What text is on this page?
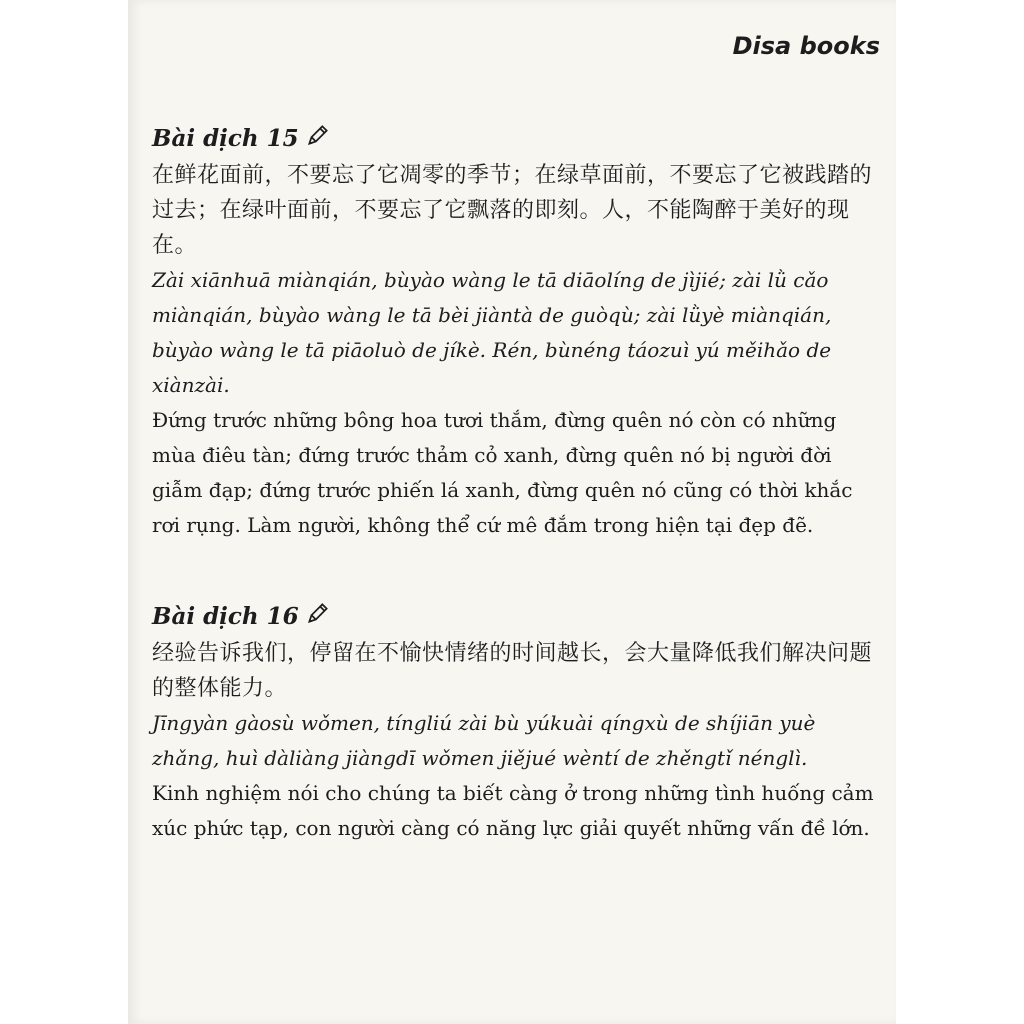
Disa books
Bài dịch 15
在鲜花面前，不要忘了它凋零的季节；在绿草面前，不要忘了它被践踏的过去；在绿叶面前，不要忘了它飘落的即刻。人，不能陶醉于美好的现在。
Zài xiānhuā miànqián, bùyào wàng le tā diāolíng de jìjié; zài lǜ cǎo miànqián, bùyào wàng le tā bèi jiàntà de guòqù; zài lǜyè miànqián, bùyào wàng le tā piāoluò de jíkè. Rén, bùnéng táozuì yú měihǎo de xiànzài.
Đứng trước những bông hoa tươi thắm, đừng quên nó còn có những mùa điêu tàn; đứng trước thảm cỏ xanh, đừng quên nó bị người đời giẫm đạp; đứng trước phiến lá xanh, đừng quên nó cũng có thời khắc rơi rụng. Làm người, không thể cứ mê đắm trong hiện tại đẹp đẽ.
Bài dịch 16
经验告诉我们，停留在不愉快情绪的时间越长，会大量降低我们解决问题的整体能力。
Jīngyàn gàosù wǒmen, tíngliú zài bù yúkuài qíngxù de shíjiān yuè zhǎng, huì dàliàng jiàngdī wǒmen jiějué wèntí de zhěngtǐ nénglì.
Kinh nghiệm nói cho chúng ta biết càng ở trong những tình huống cảm xúc phức tạp, con người càng có năng lực giải quyết những vấn đề lớn.
